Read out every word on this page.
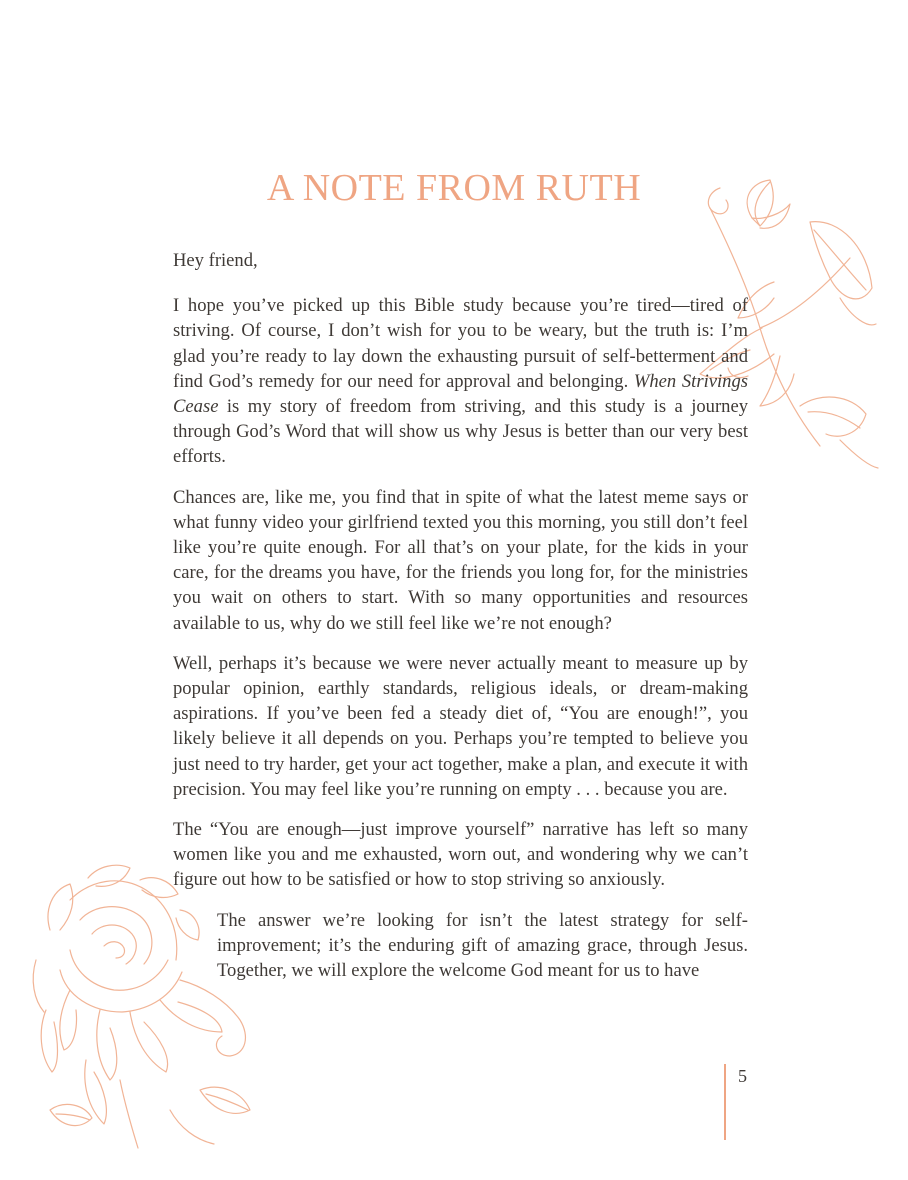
A NOTE FROM RUTH

Hey friend,

I hope you’ve picked up this Bible study because you’re tired—tired of striving. Of course, I don’t wish for you to be weary, but the truth is: I’m glad you’re ready to lay down the exhausting pursuit of self-betterment and find God’s remedy for our need for approval and belonging. When Strivings Cease is my story of freedom from striving, and this study is a journey through God’s Word that will show us why Jesus is better than our very best efforts.

Chances are, like me, you find that in spite of what the latest meme says or what funny video your girlfriend texted you this morning, you still don’t feel like you’re quite enough. For all that’s on your plate, for the kids in your care, for the dreams you have, for the friends you long for, for the ministries you wait on others to start. With so many opportunities and resources available to us, why do we still feel like we’re not enough?

Well, perhaps it’s because we were never actually meant to measure up by popular opinion, earthly standards, religious ideals, or dream-making aspirations. If you’ve been fed a steady diet of, “You are enough!”, you likely believe it all depends on you. Perhaps you’re tempted to believe you just need to try harder, get your act together, make a plan, and execute it with precision. You may feel like you’re running on empty . . . because you are.

The “You are enough—just improve yourself” narrative has left so many women like you and me exhausted, worn out, and wondering why we can’t figure out how to be satisfied or how to stop striving so anxiously.

The answer we’re looking for isn’t the latest strategy for self-improvement; it’s the enduring gift of amazing grace, through Jesus. Together, we will explore the welcome God meant for us to have

5
